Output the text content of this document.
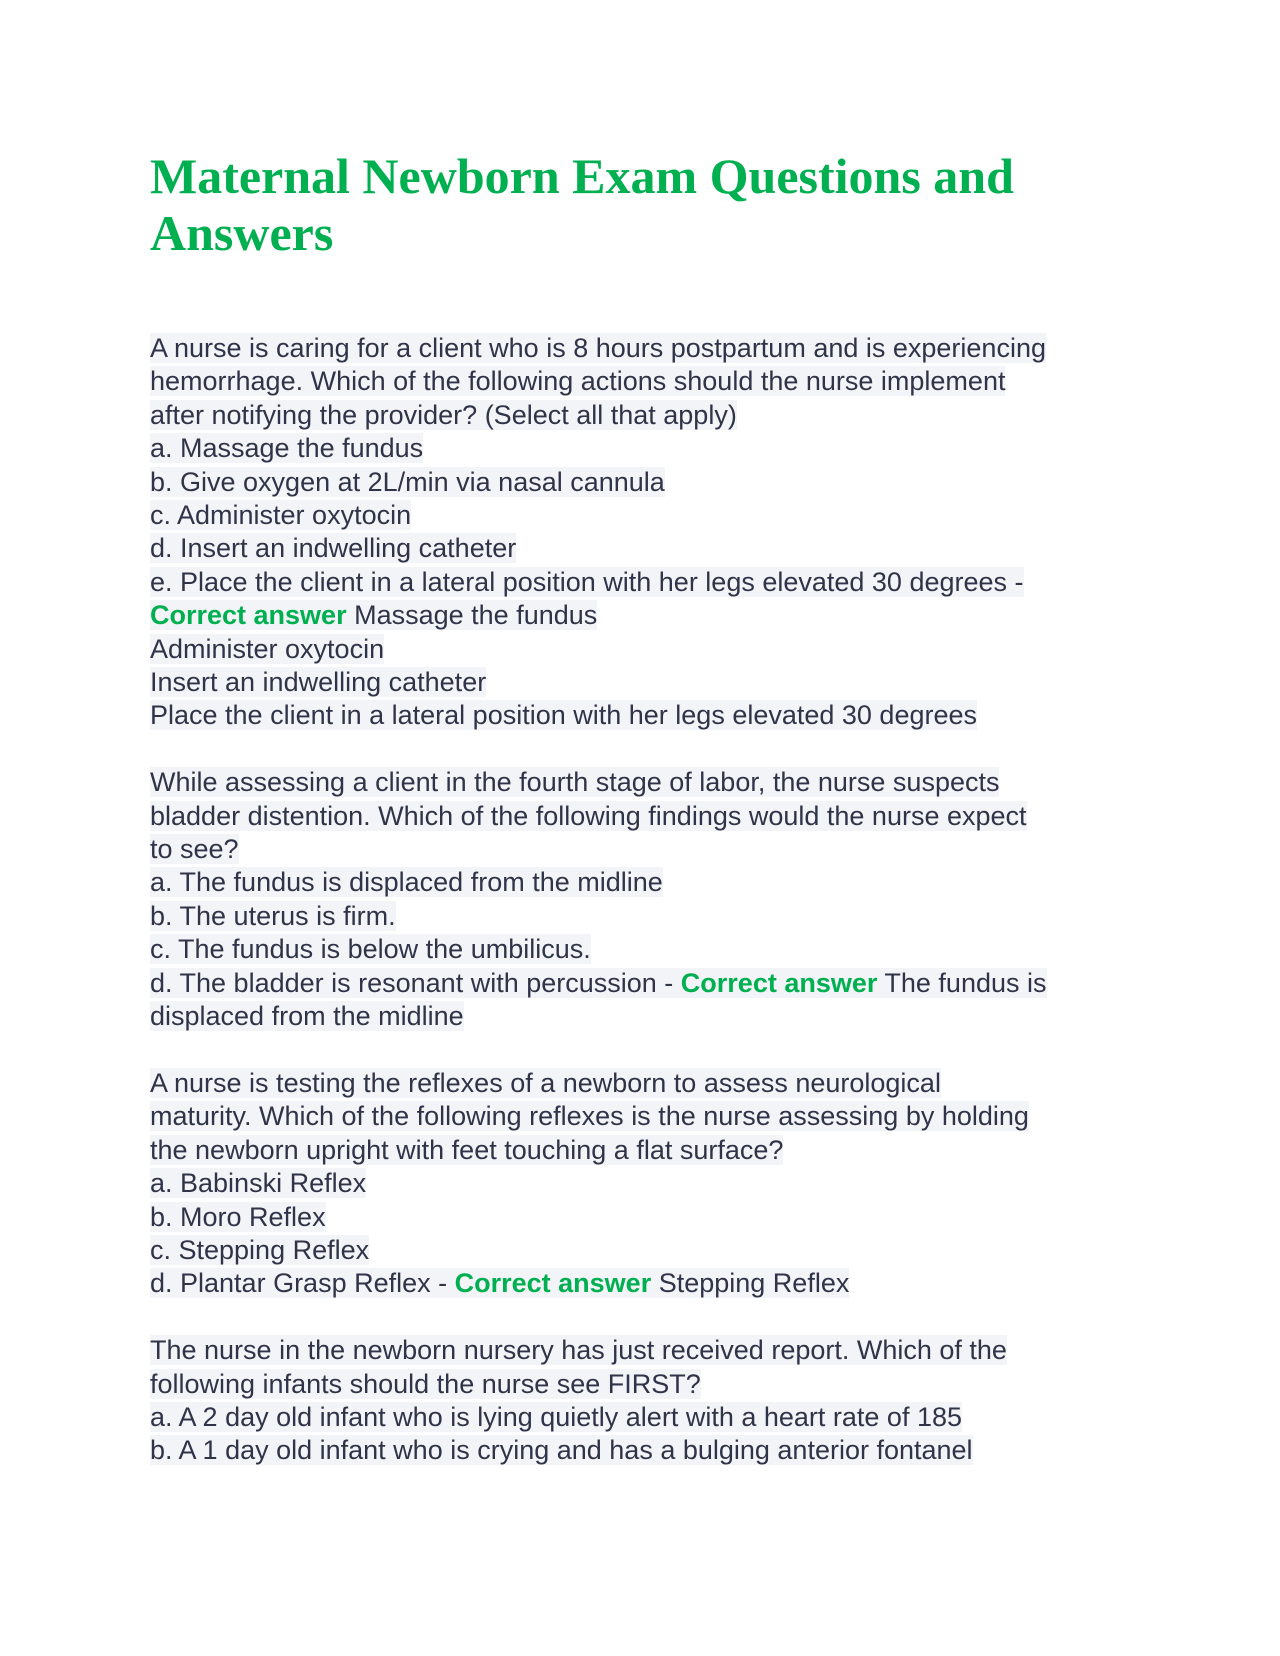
Maternal Newborn Exam Questions and
Answers
A nurse is caring for a client who is 8 hours postpartum and is experiencing
hemorrhage. Which of the following actions should the nurse implement
after notifying the provider? (Select all that apply)
a. Massage the fundus
b. Give oxygen at 2L/min via nasal cannula
c. Administer oxytocin
d. Insert an indwelling catheter
e. Place the client in a lateral position with her legs elevated 30 degrees -
Correct answer Massage the fundus
Administer oxytocin
Insert an indwelling catheter
Place the client in a lateral position with her legs elevated 30 degrees
While assessing a client in the fourth stage of labor, the nurse suspects
bladder distention. Which of the following findings would the nurse expect
to see?
a. The fundus is displaced from the midline
b. The uterus is firm.
c. The fundus is below the umbilicus.
d. The bladder is resonant with percussion - Correct answer The fundus is
displaced from the midline
A nurse is testing the reflexes of a newborn to assess neurological
maturity. Which of the following reflexes is the nurse assessing by holding
the newborn upright with feet touching a flat surface?
a. Babinski Reflex
b. Moro Reflex
c. Stepping Reflex
d. Plantar Grasp Reflex - Correct answer Stepping Reflex
The nurse in the newborn nursery has just received report. Which of the
following infants should the nurse see FIRST?
a. A 2 day old infant who is lying quietly alert with a heart rate of 185
b. A 1 day old infant who is crying and has a bulging anterior fontanel
